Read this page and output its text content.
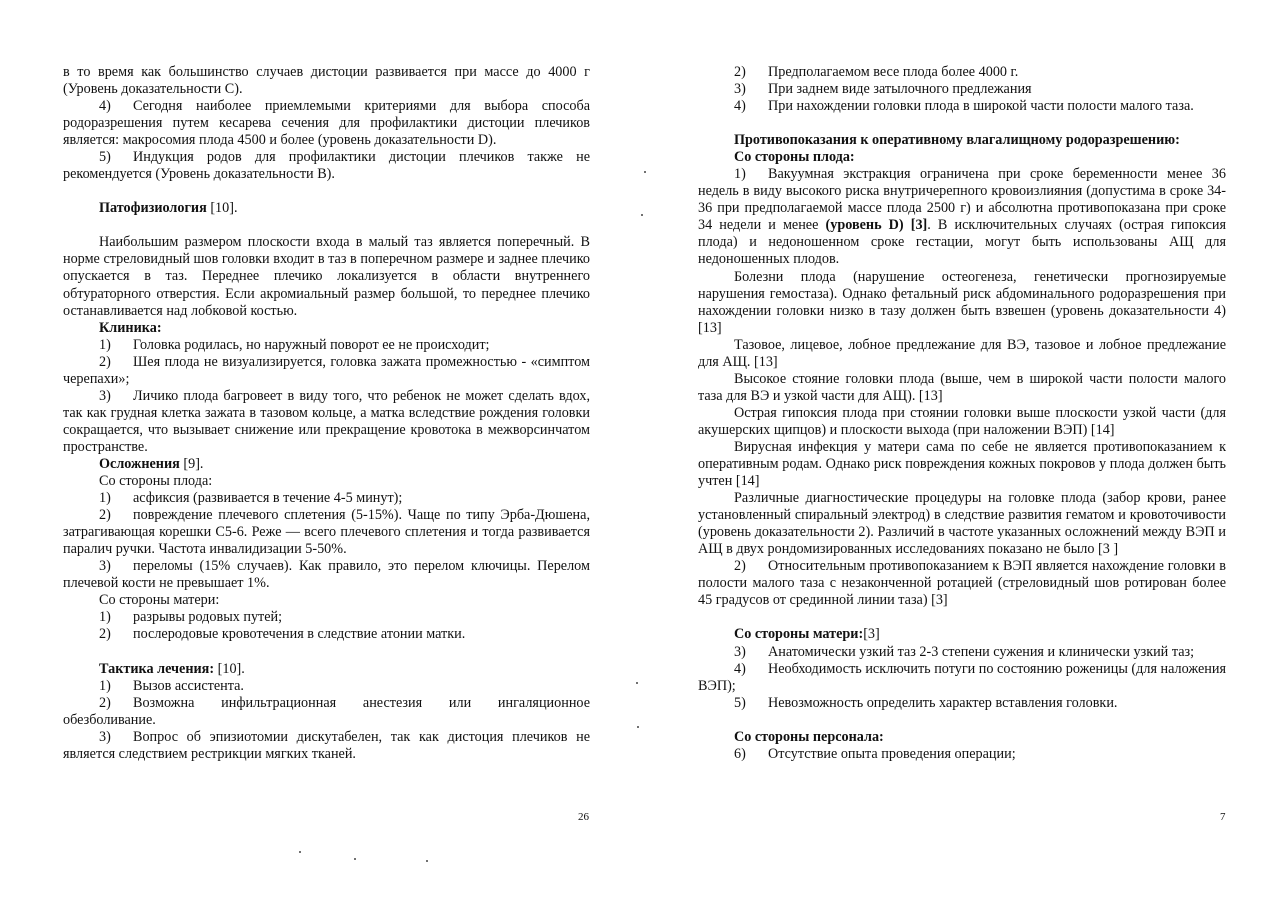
в то время как большинство случаев дистоции развивается при массе до 4000 г (Уровень доказательности С).

4) Сегодня наиболее приемлемыми критериями для выбора способа родоразрешения путем кесарева сечения для профилактики дистоции плечиков является: макросомия плода 4500 и более (уровень доказательности D).

5) Индукция родов для профилактики дистоции плечиков также не рекомендуется (Уровень доказательности В).

Патофизиология [10].

Наибольшим размером плоскости входа в малый таз является поперечный. В норме стреловидный шов головки входит в таз в поперечном размере и заднее плечико опускается в таз. Переднее плечико локализуется в области внутреннего обтураторного отверстия. Если акромиальный размер большой, то переднее плечико останавливается над лобковой костью.

Клиника:

1) Головка родилась, но наружный поворот ее не происходит;

2) Шея плода не визуализируется, головка зажата промежностью - «симптом черепахи»;

3) Личико плода багровеет в виду того, что ребенок не может сделать вдох, так как грудная клетка зажата в тазовом кольце, а матка вследствие рождения головки сокращается, что вызывает снижение или прекращение кровотока в межворсинчатом пространстве.

Осложнения [9].

Со стороны плода:

1) асфиксия (развивается в течение 4-5 минут);

2) повреждение плечевого сплетения (5-15%). Чаще по типу Эрба-Дюшена, затрагивающая корешки С5-6. Реже — всего плечевого сплетения и тогда развивается паралич ручки. Частота инвалидизации 5-50%.

3) переломы (15% случаев). Как правило, это перелом ключицы. Перелом плечевой кости не превышает 1%.

Со стороны матери:

1) разрывы родовых путей;

2) послеродовые кровотечения в следствие атонии матки.

Тактика лечения: [10].

1) Вызов ассистента.

2) Возможна инфильтрационная анестезия или ингаляционное обезболивание.

3) Вопрос об эпизиотомии дискутабелен, так как дистоция плечиков не является следствием рестрикции мягких тканей.

26

2) Предполагаемом весе плода более 4000 г.

3) При заднем виде затылочного предлежания

4) При нахождении головки плода в широкой части полости малого таза.

Противопоказания к оперативному влагалищному родоразрешению:

Со стороны плода:

1) Вакуумная экстракция ограничена при сроке беременности менее 36 недель в виду высокого риска внутричерепного кровоизлияния (допустима в сроке 34-36 при предполагаемой массе плода 2500 г) и абсолютна противопоказана при сроке 34 недели и менее (уровень D) [3]. В исключительных случаях (острая гипоксия плода) и недоношенном сроке гестации, могут быть использованы АЩ для недоношенных плодов.

Болезни плода (нарушение остеогенеза, генетически прогнозируемые нарушения гемостаза). Однако фетальный риск абдоминального родоразрешения при нахождении головки низко в тазу должен быть взвешен (уровень доказательности 4) [13]

Тазовое, лицевое, лобное предлежание для ВЭ, тазовое и лобное предлежание для АЩ. [13]

Высокое стояние головки плода (выше, чем в широкой части полости малого таза для ВЭ и узкой части для АЩ). [13]

Острая гипоксия плода при стоянии головки выше плоскости узкой части (для акушерских щипцов) и плоскости выхода (при наложении ВЭП) [14]

Вирусная инфекция у матери сама по себе не является противопоказанием к оперативным родам. Однако риск повреждения кожных покровов у плода должен быть учтен [14]

Различные диагностические процедуры на головке плода (забор крови, ранее установленный спиральный электрод) в следствие развития гематом и кровоточивости (уровень доказательности 2). Различий в частоте указанных осложнений между ВЭП и АЩ в двух рондомизированных исследованиях показано не было [3 ]

2) Относительным противопоказанием к ВЭП является нахождение головки в полости малого таза с незаконченной ротацией (стреловидный шов ротирован более 45 градусов от срединной линии таза) [3]

Со стороны матери:[3]

3) Анатомически узкий таз 2-3 степени сужения и клинически узкий таз;

4) Необходимость исключить потуги по состоянию роженицы (для наложения ВЭП);

5) Невозможность определить характер вставления головки.

Со стороны персонала:

6) Отсутствие опыта проведения операции;

7
